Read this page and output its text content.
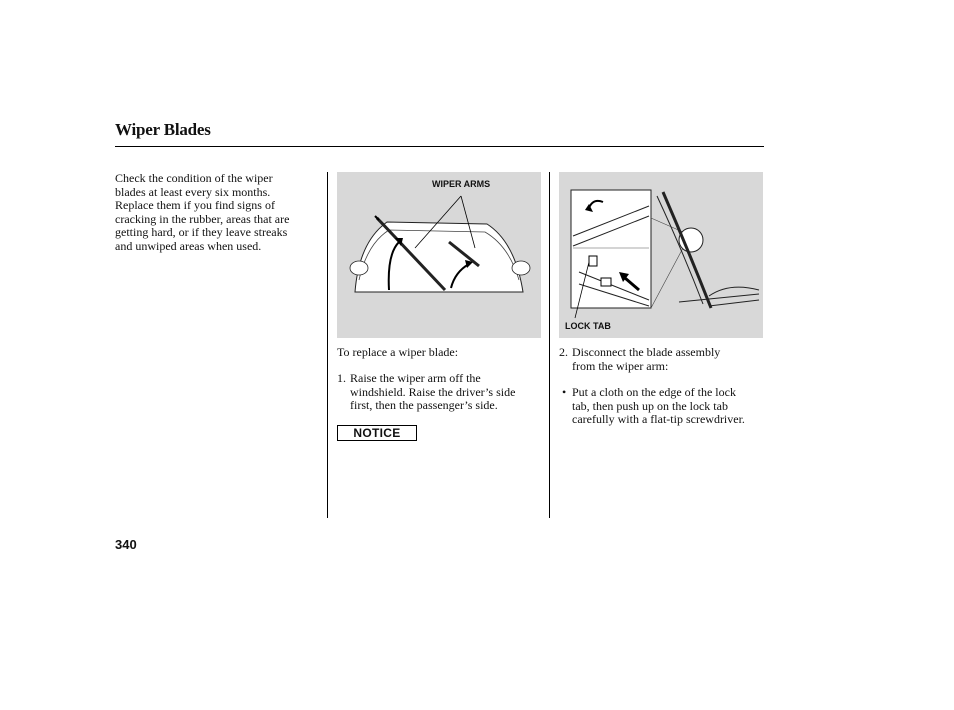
Wiper Blades

Check the condition of the wiper

blades at least every six months.

Replace them if you find signs of

cracking in the rubber, areas that are

getting hard, or if they leave streaks

and unwiped areas when used.

WIPER ARMS
LOCK TAB
To replace a wiper blade:
1. Raise the wiper arm off the
windshield. Raise the driver’s side
first, then the passenger’s side.
NOTICE
2. Disconnect the blade assembly
from the wiper arm:
• Put a cloth on the edge of the lock
tab, then push up on the lock tab
carefully with a flat-tip screwdriver.
340
